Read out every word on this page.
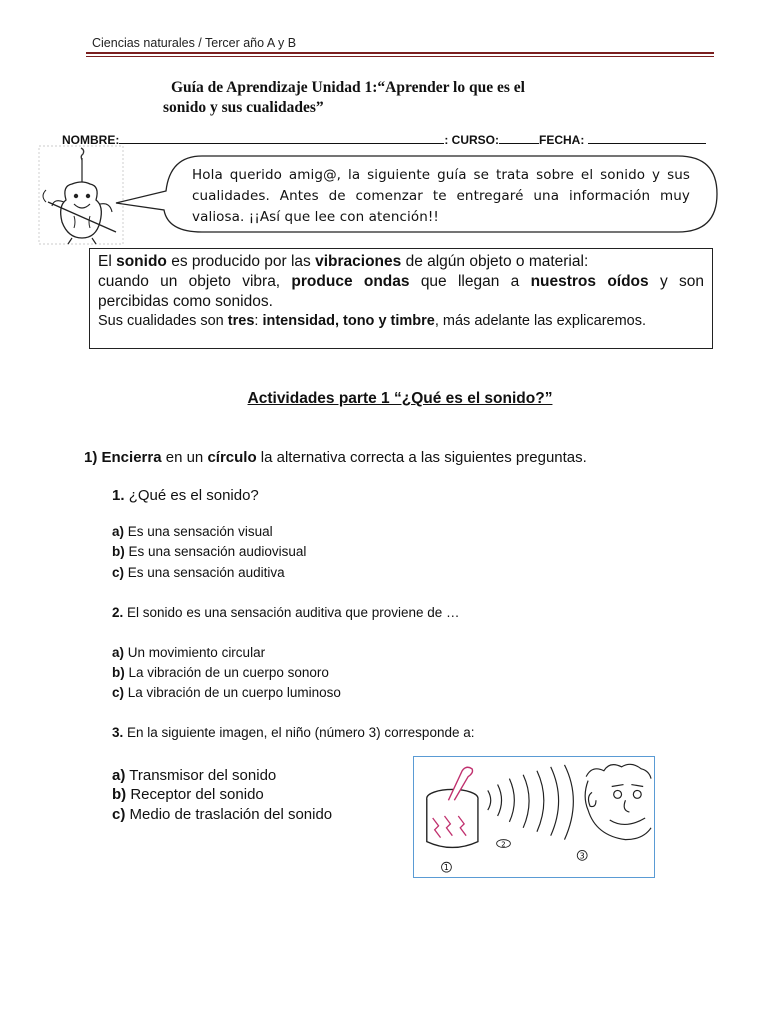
Ciencias naturales / Tercer año A y B
Guía de Aprendizaje Unidad 1:“Aprender lo que es el
sonido y sus cualidades”
NOMBRE:	: CURSO:	FECHA:
Hola querido amig@, la siguiente guía se trata sobre el sonido y sus
cualidades. Antes de comenzar te entregaré una información muy
valiosa. ¡¡Así que lee con atención!!
El sonido es producido por las vibraciones de algún objeto o material:
cuando un objeto vibra, produce ondas que llegan a nuestros oídos y son
percibidas como sonidos.
Sus cualidades son tres: intensidad, tono y timbre, más adelante las explicaremos.
Actividades parte 1 “¿Qué es el sonido?”
1) Encierra en un círculo la alternativa correcta a las siguientes preguntas.
1. ¿Qué es el sonido?
a) Es una sensación visual
b) Es una sensación audiovisual
c) Es una sensación auditiva
2. El sonido es una sensación auditiva que proviene de …
a) Un movimiento circular
b) La vibración de un cuerpo sonoro
c) La vibración de un cuerpo luminoso
3. En la siguiente imagen, el niño (número 3) corresponde a:
a) Transmisor del sonido
b) Receptor del sonido
c) Medio de traslación del sonido
1
2
3
